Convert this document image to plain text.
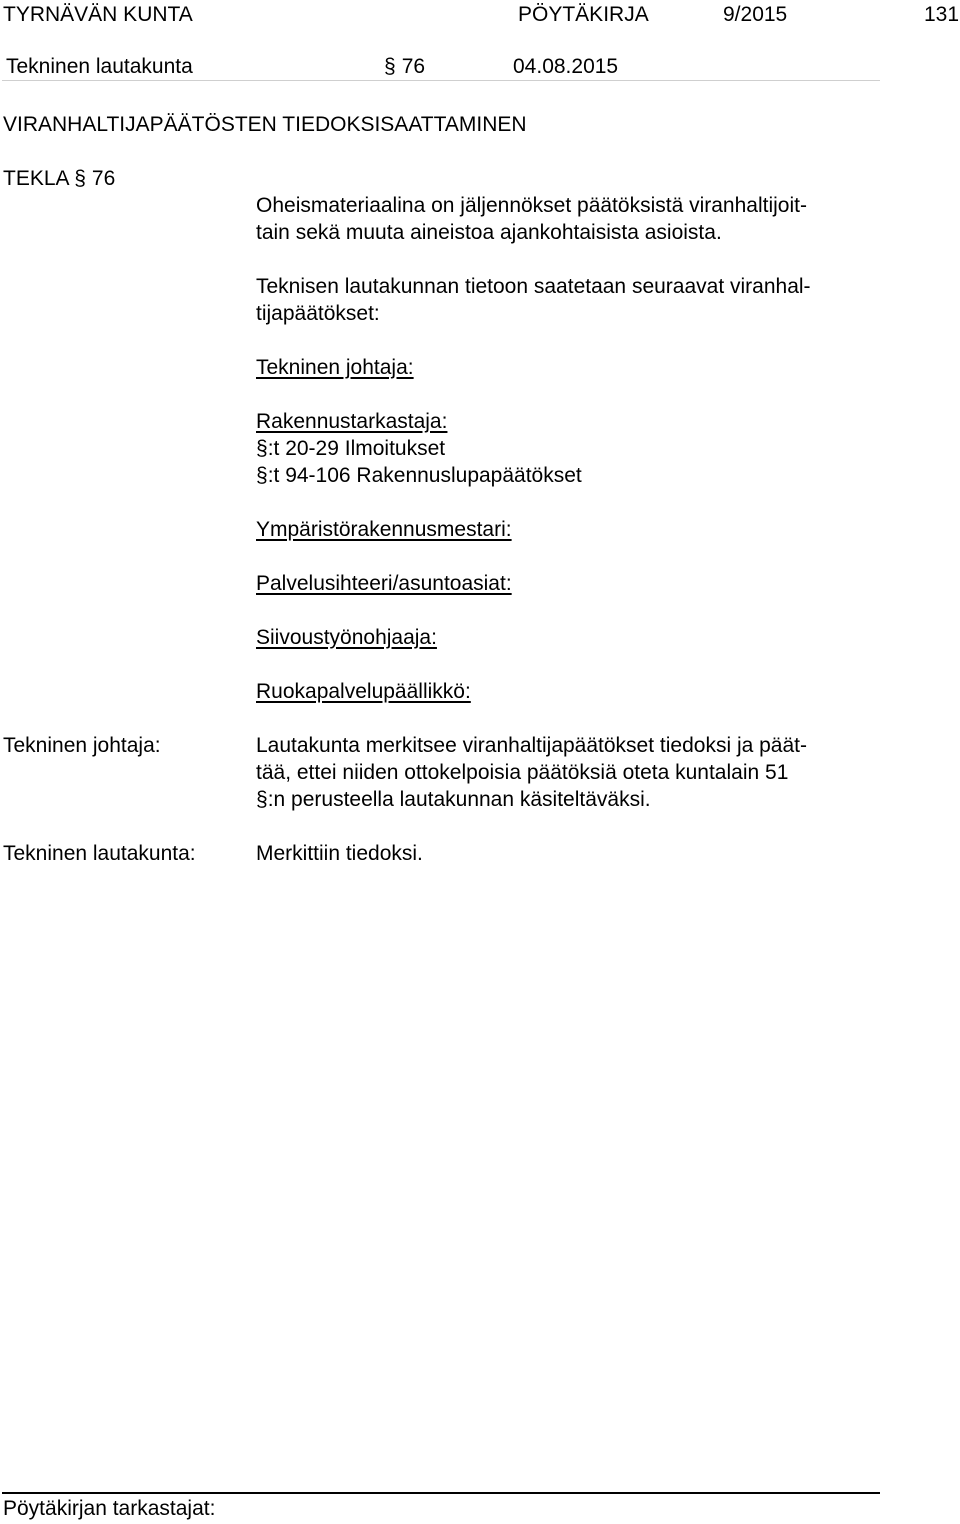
TYRNÄVÄN KUNTA	PÖYTÄKIRJA	9/2015	131
Tekninen lautakunta	§ 76	04.08.2015
VIRANHALTIJAPÄÄTÖSTEN TIEDOKSISAATTAMINEN
TEKLA § 76
Oheismateriaalina on jäljennökset päätöksistä viranhaltijoit-
tain sekä muuta aineistoa ajankohtaisista asioista.
Teknisen lautakunnan tietoon saatetaan seuraavat viranhal-
tijapäätökset:
Tekninen johtaja:
Rakennustarkastaja:
§:t 20-29 Ilmoitukset
§:t 94-106 Rakennuslupapäätökset
Ympäristörakennusmestari:
Palvelusihteeri/asuntoasiat:
Siivoustyönohjaaja:
Ruokapalvelupäällikkö:
Tekninen johtaja:	Lautakunta merkitsee viranhaltijapäätökset tiedoksi ja päät-
tää, ettei niiden ottokelpoisia päätöksiä oteta kuntalain 51
§:n perusteella lautakunnan käsiteltäväksi.
Tekninen lautakunta:	Merkittiin tiedoksi.
Pöytäkirjan tarkastajat:
